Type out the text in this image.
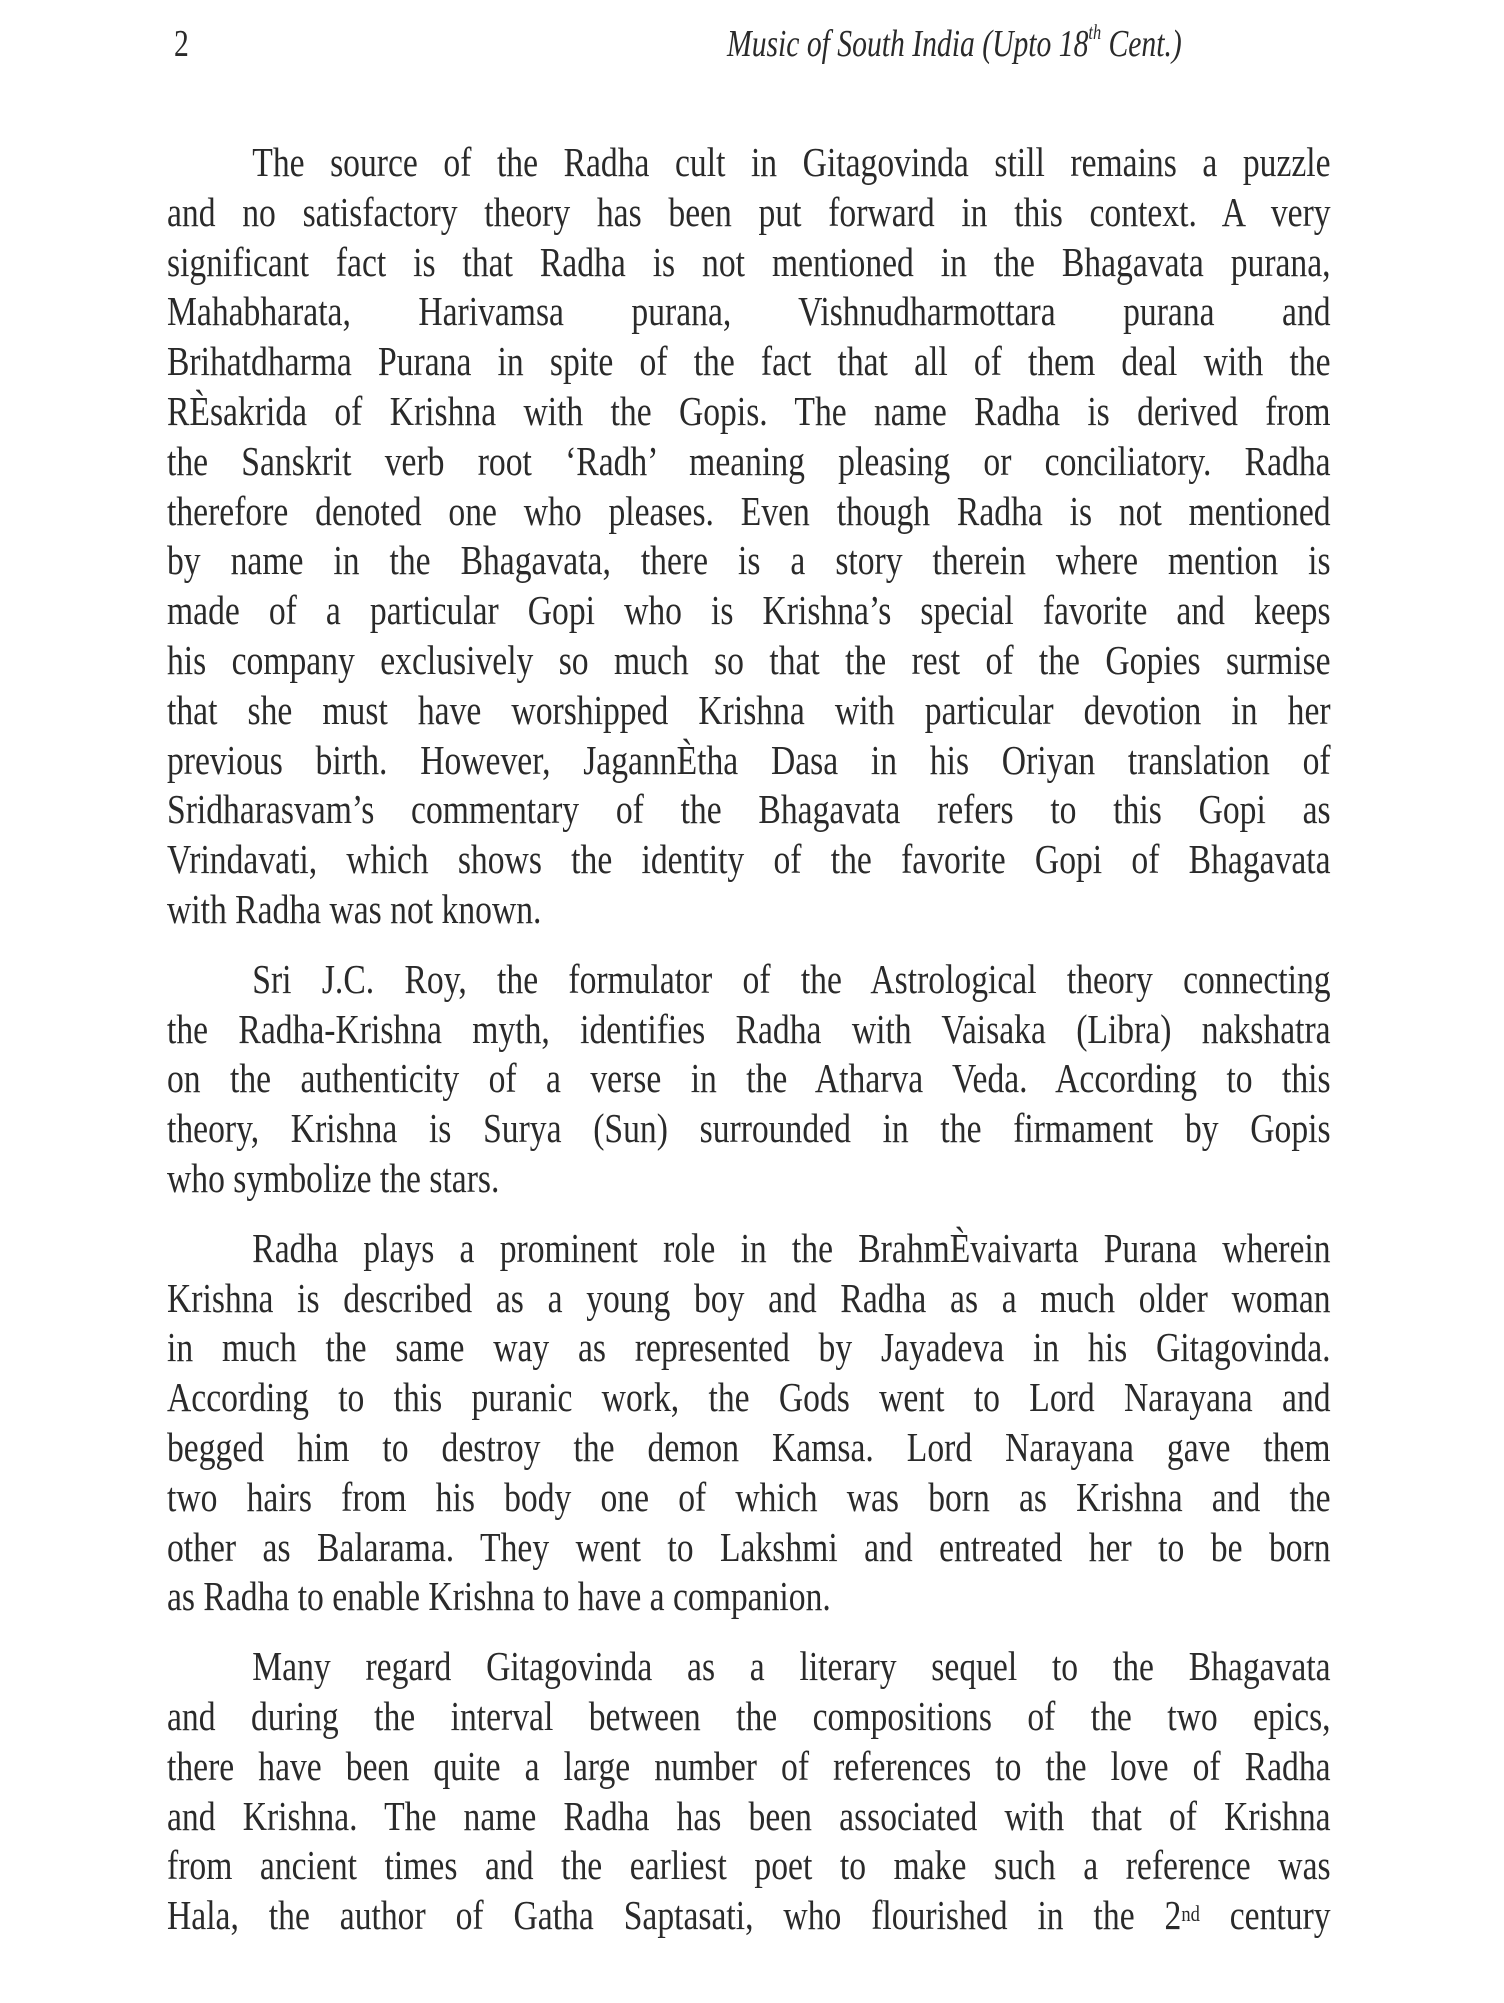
2	Music of South India (Upto 18th Cent.)
The source of the Radha cult in Gitagovinda still remains a puzzle
and no satisfactory theory has been put forward in this context. A very
significant fact is that Radha is not mentioned in the Bhagavata purana,
Mahabharata, Harivamsa purana, Vishnudharmottara purana and
Brihatdharma Purana in spite of the fact that all of them deal with the
RÈsakrida of Krishna with the Gopis. The name Radha is derived from
the Sanskrit verb root ‘Radh’ meaning pleasing or conciliatory. Radha
therefore denoted one who pleases. Even though Radha is not mentioned
by name in the Bhagavata, there is a story therein where mention is
made of a particular Gopi who is Krishna’s special favorite and keeps
his company exclusively so much so that the rest of the Gopies surmise
that she must have worshipped Krishna with particular devotion in her
previous birth. However, JagannÈtha Dasa in his Oriyan translation of
Sridharasvam’s commentary of the Bhagavata refers to this Gopi as
Vrindavati, which shows the identity of the favorite Gopi of Bhagavata
with Radha was not known.
Sri J.C. Roy, the formulator of the Astrological theory connecting
the Radha-Krishna myth, identifies Radha with Vaisaka (Libra) nakshatra
on the authenticity of a verse in the Atharva Veda. According to this
theory, Krishna is Surya (Sun) surrounded in the firmament by Gopis
who symbolize the stars.
Radha plays a prominent role in the BrahmÈvaivarta Purana wherein
Krishna is described as a young boy and Radha as a much older woman
in much the same way as represented by Jayadeva in his Gitagovinda.
According to this puranic work, the Gods went to Lord Narayana and
begged him to destroy the demon Kamsa. Lord Narayana gave them
two hairs from his body one of which was born as Krishna and the
other as Balarama. They went to Lakshmi and entreated her to be born
as Radha to enable Krishna to have a companion.
Many regard Gitagovinda as a literary sequel to the Bhagavata
and during the interval between the compositions of the two epics,
there have been quite a large number of references to the love of Radha
and Krishna. The name Radha has been associated with that of Krishna
from ancient times and the earliest poet to make such a reference was
Hala, the author of Gatha Saptasati, who flourished in the 2nd century
